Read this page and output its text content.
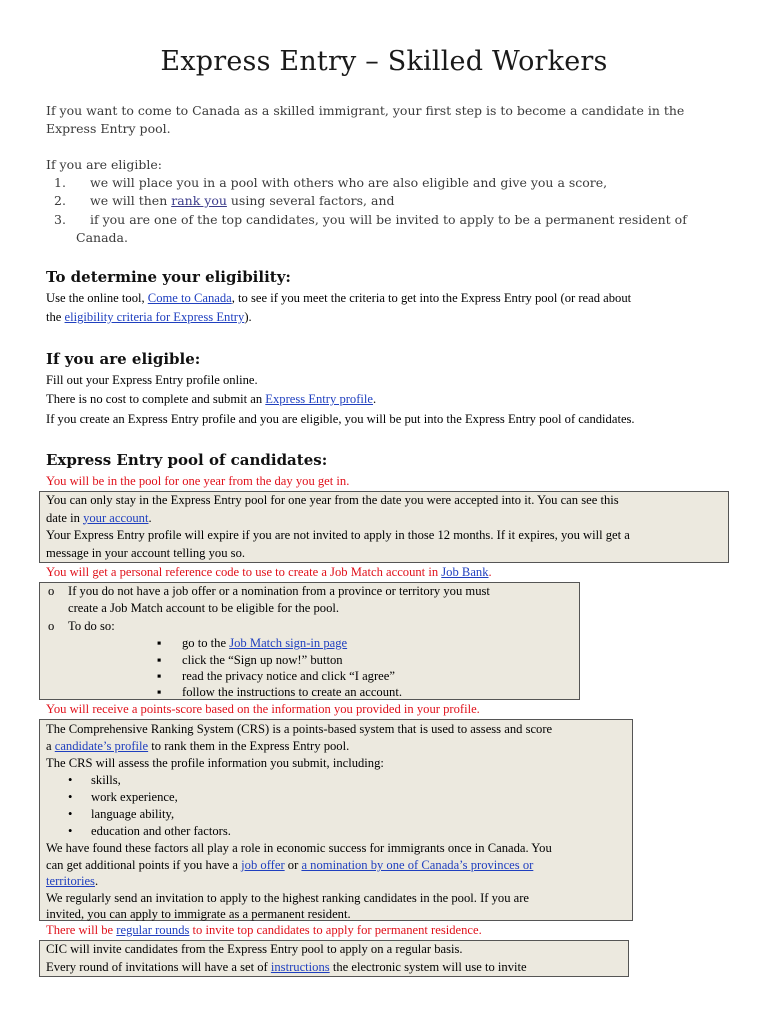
Express Entry – Skilled Workers

If you want to come to Canada as a skilled immigrant, your first step is to become a candidate in the
Express Entry pool.

If you are eligible:

1. we will place you in a pool with others who are also eligible and give you a score,
2. we will then rank you using several factors, and
3. if you are one of the top candidates, you will be invited to apply to be a permanent resident of
Canada.
To determine your eligibility:

Use the online tool, Come to Canada, to see if you meet the criteria to get into the Express Entry pool (or read about

the eligibility criteria for Express Entry).

If you are eligible:

Fill out your Express Entry profile online.

There is no cost to complete and submit an Express Entry profile.

If you create an Express Entry profile and you are eligible, you will be put into the Express Entry pool of candidates.

Express Entry pool of candidates:

You will be in the pool for one year from the day you get in.

You can only stay in the Express Entry pool for one year from the date you were accepted into it. You can see this
date in your account.
Your Express Entry profile will expire if you are not invited to apply in those 12 months. If it expires, you will get a
message in your account telling you so.

You will get a personal reference code to use to create a Job Match account in Job Bank.

o If you do not have a job offer or a nomination from a province or territory you must
create a Job Match account to be eligible for the pool.
o To do so:
▪ go to the Job Match sign-in page
▪ click the “Sign up now!” button
▪ read the privacy notice and click “I agree”
▪ follow the instructions to create an account.

You will receive a points-score based on the information you provided in your profile.

The Comprehensive Ranking System (CRS) is a points-based system that is used to assess and score
a candidate’s profile to rank them in the Express Entry pool.
The CRS will assess the profile information you submit, including:
• skills,
• work experience,
• language ability,
• education and other factors.
We have found these factors all play a role in economic success for immigrants once in Canada. You
can get additional points if you have a job offer or a nomination by one of Canada’s provinces or
territories.
We regularly send an invitation to apply to the highest ranking candidates in the pool. If you are
invited, you can apply to immigrate as a permanent resident.

There will be regular rounds to invite top candidates to apply for permanent residence.

CIC will invite candidates from the Express Entry pool to apply on a regular basis.
Every round of invitations will have a set of instructions the electronic system will use to invite
